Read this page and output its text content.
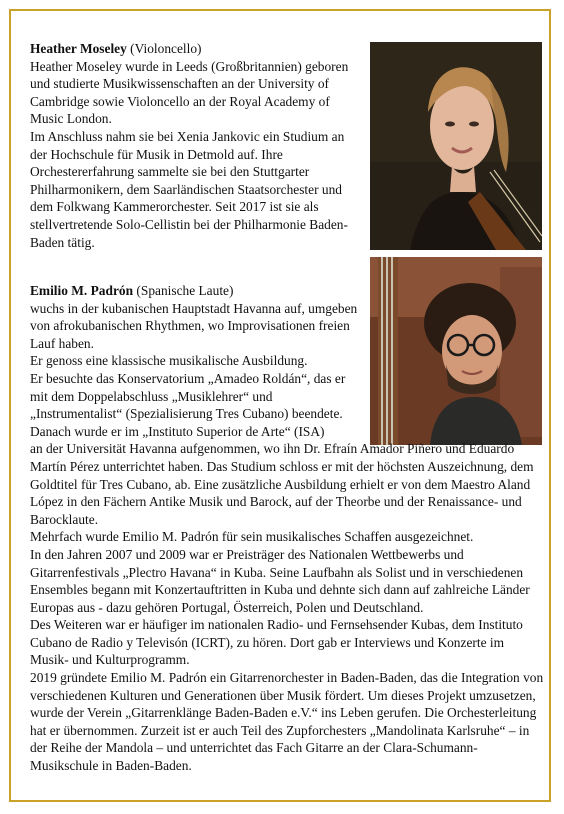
Heather Moseley (Violoncello)

Heather Moseley wurde in Leeds (Großbritannien) geboren und studierte Musikwissenschaften an der University of Cambridge sowie Violoncello an der Royal Academy of Music London.

Im Anschluss nahm sie bei Xenia Jankovic ein Studium an der Hochschule für Musik in Detmold auf. Ihre Orchestererfahrung sammelte sie bei den Stuttgarter Philharmonikern, dem Saarländischen Staatsorchester und dem Folkwang Kammerorchester. Seit 2017 ist sie als stellvertretende Solo-Cellistin bei der Philharmonie Baden-Baden tätig.

Emilio M. Padrón (Spanische Laute)

wuchs in der kubanischen Hauptstadt Havanna auf, umgeben von afrokubanischen Rhythmen, wo Improvisationen freien Lauf haben.

Er genoss eine klassische musikalische Ausbildung.

Er besuchte das Konservatorium „Amadeo Roldán“, das er mit dem Doppelabschluss „Musiklehrer“ und „Instrumentalist“ (Spezialisierung Tres Cubano) beendete.

Danach wurde er im „Instituto Superior de Arte“ (ISA)

an der Universität Havanna aufgenommen, wo ihn Dr. Efraín Amador Piñero und Eduardo Martín Pérez unterrichtet haben. Das Studium schloss er mit der höchsten Auszeichnung, dem Goldtitel für Tres Cubano, ab. Eine zusätzliche Ausbildung erhielt er von dem Maestro Aland López in den Fächern Antike Musik und Barock, auf der Theorbe und der Renaissance- und Barocklaute.

Mehrfach wurde Emilio M. Padrón für sein musikalisches Schaffen ausgezeichnet.

In den Jahren 2007 und 2009 war er Preisträger des Nationalen Wettbewerbs und Gitarrenfestivals „Plectro Havana“ in Kuba. Seine Laufbahn als Solist und in verschiedenen Ensembles begann mit Konzertauftritten in Kuba und dehnte sich dann auf zahlreiche Länder Europas aus - dazu gehören Portugal, Österreich, Polen und Deutschland.

Des Weiteren war er häufiger im nationalen Radio- und Fernsehsender Kubas, dem Instituto Cubano de Radio y Televisón (ICRT), zu hören. Dort gab er Interviews und Konzerte im Musik- und Kulturprogramm.

2019 gründete Emilio M. Padrón ein Gitarrenorchester in Baden-Baden, das die Integration von verschiedenen Kulturen und Generationen über Musik fördert. Um dieses Projekt umzusetzen, wurde der Verein „Gitarrenklänge Baden-Baden e.V.“ ins Leben gerufen. Die Orchesterleitung hat er übernommen. Zurzeit ist er auch Teil des Zupforchesters „Mandolinata Karlsruhe“ – in der Reihe der Mandola – und unterrichtet das Fach Gitarre an der Clara-Schumann-Musikschule in Baden-Baden.
